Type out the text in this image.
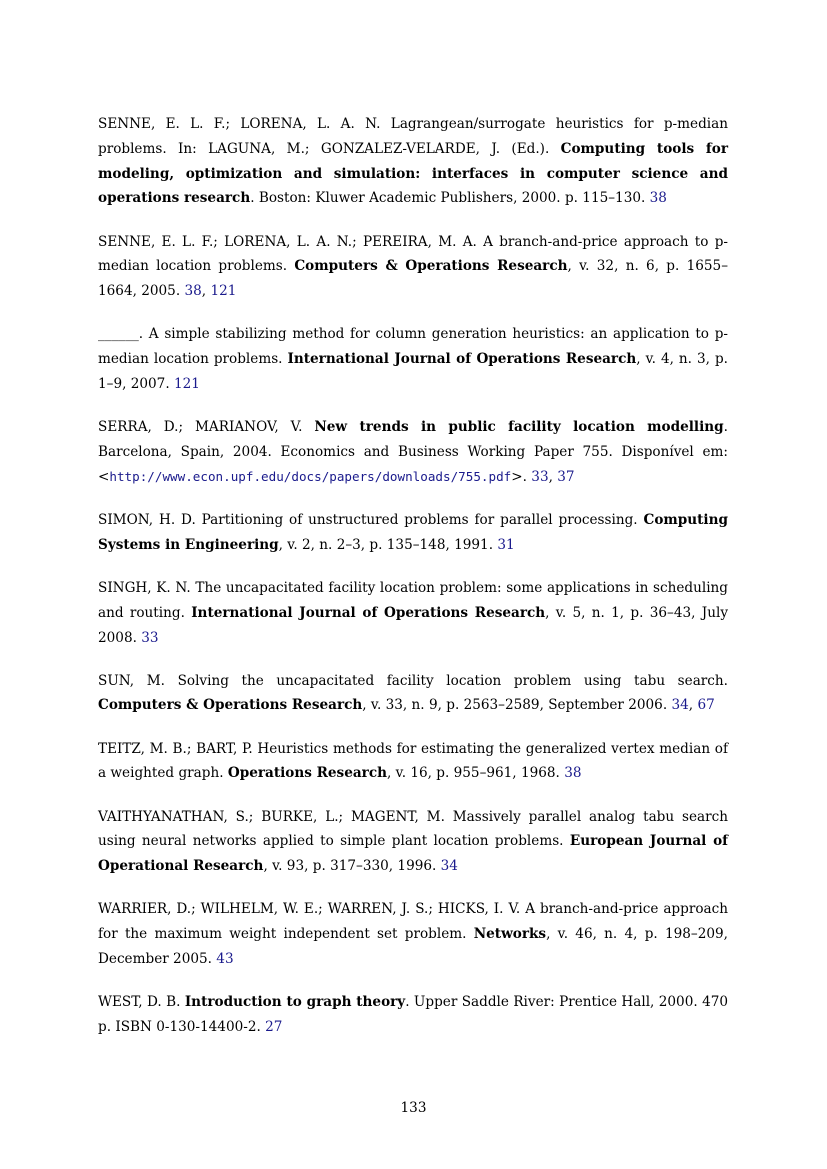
SENNE, E. L. F.; LORENA, L. A. N. Lagrangean/surrogate heuristics for p-median problems. In: LAGUNA, M.; GONZALEZ-VELARDE, J. (Ed.). Computing tools for modeling, optimization and simulation: interfaces in computer science and operations research. Boston: Kluwer Academic Publishers, 2000. p. 115–130. 38

SENNE, E. L. F.; LORENA, L. A. N.; PEREIRA, M. A. A branch-and-price approach to p-median location problems. Computers & Operations Research, v. 32, n. 6, p. 1655–1664, 2005. 38, 121

______. A simple stabilizing method for column generation heuristics: an application to p-median location problems. International Journal of Operations Research, v. 4, n. 3, p. 1–9, 2007. 121

SERRA, D.; MARIANOV, V. New trends in public facility location modelling. Barcelona, Spain, 2004. Economics and Business Working Paper 755. Disponível em: <http://www.econ.upf.edu/docs/papers/downloads/755.pdf>. 33, 37

SIMON, H. D. Partitioning of unstructured problems for parallel processing. Computing Systems in Engineering, v. 2, n. 2–3, p. 135–148, 1991. 31

SINGH, K. N. The uncapacitated facility location problem: some applications in scheduling and routing. International Journal of Operations Research, v. 5, n. 1, p. 36–43, July 2008. 33

SUN, M. Solving the uncapacitated facility location problem using tabu search. Computers & Operations Research, v. 33, n. 9, p. 2563–2589, September 2006. 34, 67

TEITZ, M. B.; BART, P. Heuristics methods for estimating the generalized vertex median of a weighted graph. Operations Research, v. 16, p. 955–961, 1968. 38

VAITHYANATHAN, S.; BURKE, L.; MAGENT, M. Massively parallel analog tabu search using neural networks applied to simple plant location problems. European Journal of Operational Research, v. 93, p. 317–330, 1996. 34

WARRIER, D.; WILHELM, W. E.; WARREN, J. S.; HICKS, I. V. A branch-and-price approach for the maximum weight independent set problem. Networks, v. 46, n. 4, p. 198–209, December 2005. 43

WEST, D. B. Introduction to graph theory. Upper Saddle River: Prentice Hall, 2000. 470 p. ISBN 0-130-14400-2. 27

133
